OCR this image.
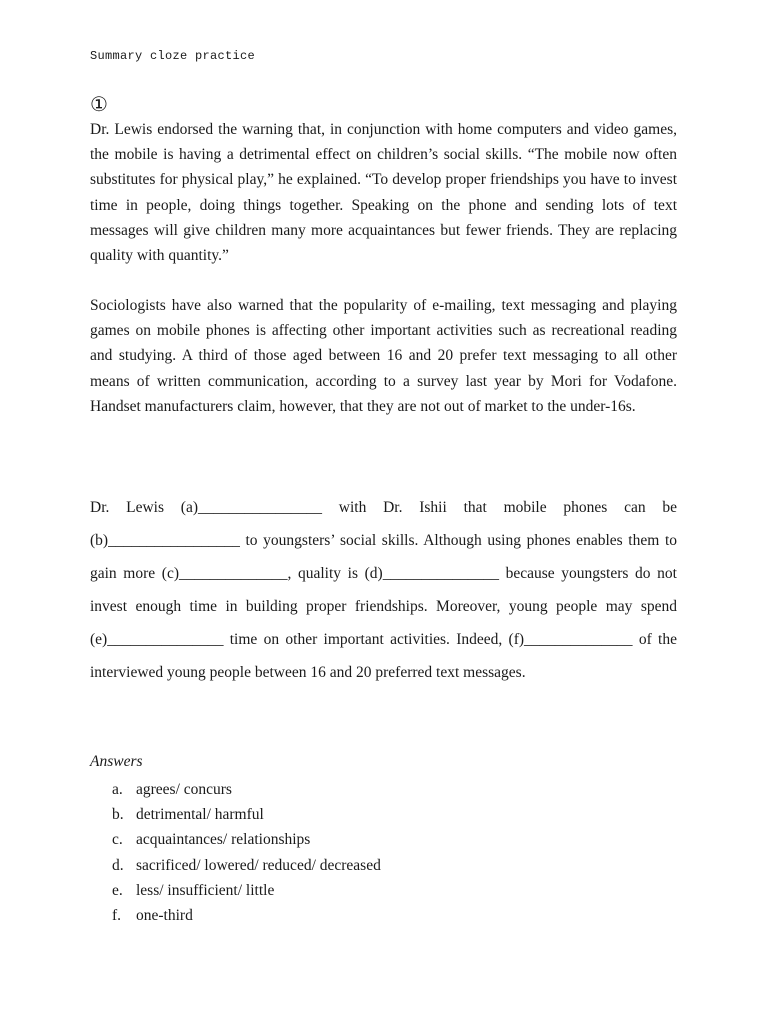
Summary cloze practice
①

Dr. Lewis endorsed the warning that, in conjunction with home computers and video games, the mobile is having a detrimental effect on children’s social skills. “The mobile now often substitutes for physical play,” he explained. “To develop proper friendships you have to invest time in people, doing things together. Speaking on the phone and sending lots of text messages will give children many more acquaintances but fewer friends. They are replacing quality with quantity.”

Sociologists have also warned that the popularity of e-mailing, text messaging and playing games on mobile phones is affecting other important activities such as recreational reading and studying. A third of those aged between 16 and 20 prefer text messaging to all other means of written communication, according to a survey last year by Mori for Vodafone. Handset manufacturers claim, however, that they are not out of market to the under-16s.

Dr. Lewis (a)________________ with Dr. Ishii that mobile phones can be (b)_________________ to youngsters’ social skills. Although using phones enables them to gain more (c)______________, quality is (d)_______________ because youngsters do not invest enough time in building proper friendships. Moreover, young people may spend (e)_______________ time on other important activities. Indeed, (f)______________ of the interviewed young people between 16 and 20 preferred text messages.

Answers
a. agrees/ concurs
b. detrimental/ harmful
c. acquaintances/ relationships
d. sacrificed/ lowered/ reduced/ decreased
e. less/ insufficient/ little
f. one-third
